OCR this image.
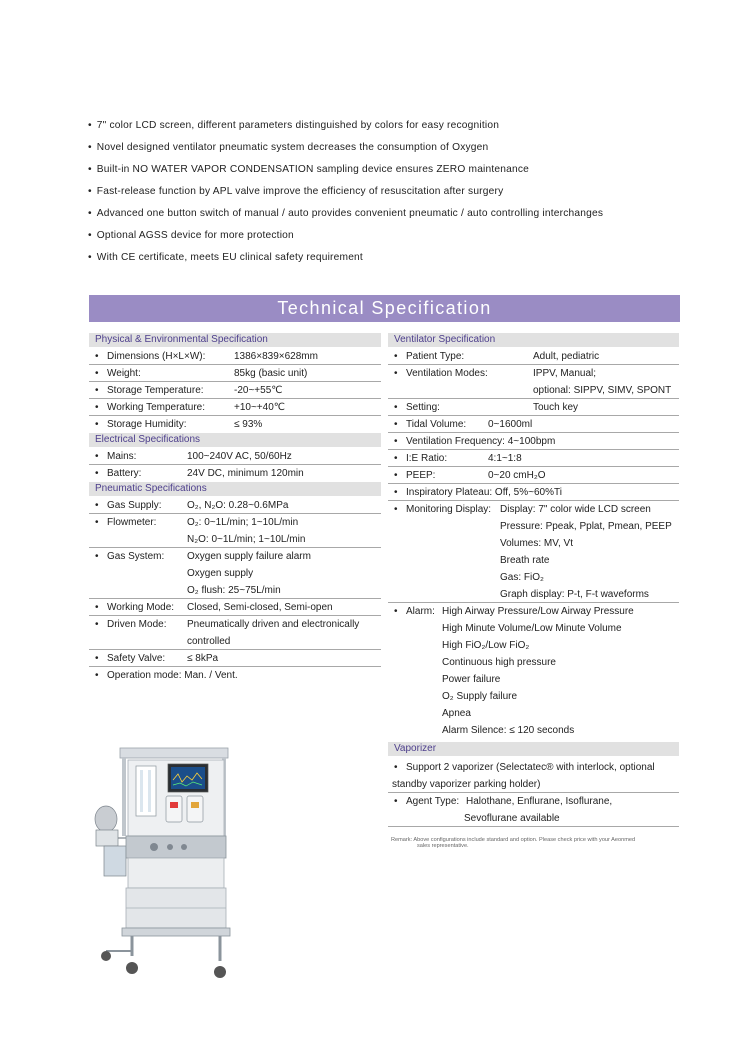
• 7" color LCD screen, different parameters distinguished by colors for easy recognition
• Novel designed ventilator pneumatic system decreases the consumption of Oxygen
• Built-in NO WATER VAPOR CONDENSATION sampling device ensures ZERO maintenance
• Fast-release function by APL valve improve the efficiency of resuscitation after surgery
• Advanced one button switch of manual / auto provides convenient pneumatic / auto controlling interchanges
• Optional AGSS device for more protection
• With CE certificate, meets EU clinical safety requirement
Technical Specification
Physical & Environmental Specification
• Dimensions (H×L×W):	1386×839×628mm
• Weight:	85kg (basic unit)
• Storage Temperature:	-20~+55℃
• Working Temperature:	+10~+40℃
• Storage Humidity:	≤ 93%
Electrical Specifications
• Mains:	100~240V AC, 50/60Hz
• Battery:	24V DC, minimum 120min
Pneumatic Specifications
• Gas Supply:	O₂, N₂O: 0.28~0.6MPa
• Flowmeter:	O₂: 0~1L/min; 1~10L/min
N₂O: 0~1L/min; 1~10L/min
• Gas System: Oxygen supply failure alarm
Oxygen supply
O₂ flush: 25~75L/min
• Working Mode: Closed, Semi-closed, Semi-open
• Driven Mode: Pneumatically driven and electronically
controlled
• Safety Valve: ≤ 8kPa
• Operation mode: Man. / Vent.
Ventilator Specification
• Patient Type:	Adult, pediatric
• Ventilation Modes:	IPPV, Manual;
optional: SIPPV, SIMV, SPONT
• Setting:	Touch key
• Tidal Volume: 0~1600ml
• Ventilation Frequency: 4~100bpm
• I:E Ratio:	4:1~1:8
• PEEP:	0~20 cmH₂O
• Inspiratory Plateau: Off, 5%~60%Ti
• Monitoring Display: Display: 7" color wide LCD screen
Pressure: Ppeak, Pplat, Pmean, PEEP
Volumes: MV, Vt
Breath rate
Gas: FiO₂
Graph display: P-t, F-t waveforms
• Alarm: High Airway Pressure/Low Airway Pressure
High Minute Volume/Low Minute Volume
High FiO₂/Low FiO₂
Continuous high pressure
Power failure
O₂ Supply failure
Apnea
Alarm Silence: ≤ 120 seconds
Vaporizer
• Support 2 vaporizer (Selectatec® with interlock, optional
standby vaporizer parking holder)
• Agent Type: Halothane, Enflurane, Isoflurane,
Sevoflurane available
Remark: Above configurations include standard and option. Please check price with your Aeonmed
sales representative.
